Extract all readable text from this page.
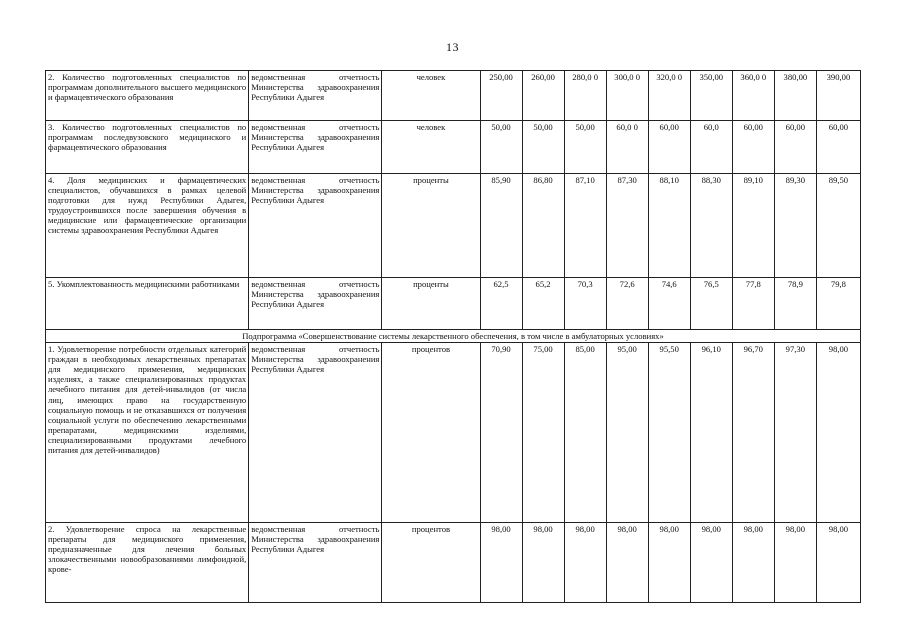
13
2. Количество подготовленных специалистов по программам дополнительного высшего медицинского и фармацевтического образования	ведомственная отчетность Министерства здравоохранения Республики Адыгея	человек	250,00	260,00	280,0 0	300,0 0	320,0 0	350,00	360,0 0	380,00	390,00
3. Количество подготовленных специалистов по программам последвузовского медицинского и фармацевтического образования	ведомственная отчетность Министерства здравоохранения Республики Адыгея	человек	50,00	50,00	50,00	60,0 0	60,00	60,0	60,00	60,00	60,00
4. Доля медицинских и фармацевтических специалистов, обучавшихся в рамках целевой подготовки для нужд Республики Адыгея, трудоустроившихся после завершения обучения в медицинские или фармацевтические организации системы здравоохранения Республики Адыгея	ведомственная отчетность Министерства здравоохранения Республики Адыгея	проценты	85,90	86,80	87,10	87,30	88,10	88,30	89,10	89,30	89,50
5. Укомплектованность медицинскими работниками	ведомственная отчетность Министерства здравоохранения Республики Адыгея	проценты	62,5	65,2	70,3	72,6	74,6	76,5	77,8	78,9	79,8
Подпрограмма «Совершенствование системы лекарственного обеспечения, в том числе в амбулаторных условиях»											
1. Удовлетворение потребности отдельных категорий граждан в необходимых лекарственных препаратах для медицинского применения, медицинских изделиях, а также специализированных продуктах лечебного питания для детей-инвалидов (от числа лиц, имеющих право на государственную социальную помощь и не отказавшихся от получения социальной услуги по обеспечению лекарственными препаратами, медицинскими изделиями, специализированными продуктами лечебного питания для детей-инвалидов)	ведомственная отчетность Министерства здравоохранения Республики Адыгея	процентов	70,90	75,00	85,00	95,00	95,50	96,10	96,70	97,30	98,00
2. Удовлетворение спроса на лекарственные препараты для медицинского применения, предназначенные для лечения больных злокачественными новообразованиями лимфоидной, крове-	ведомственная отчетность Министерства здравоохранения Республики Адыгея	процентов	98,00	98,00	98,00	98,00	98,00	98,00	98,00	98,00	98,00
